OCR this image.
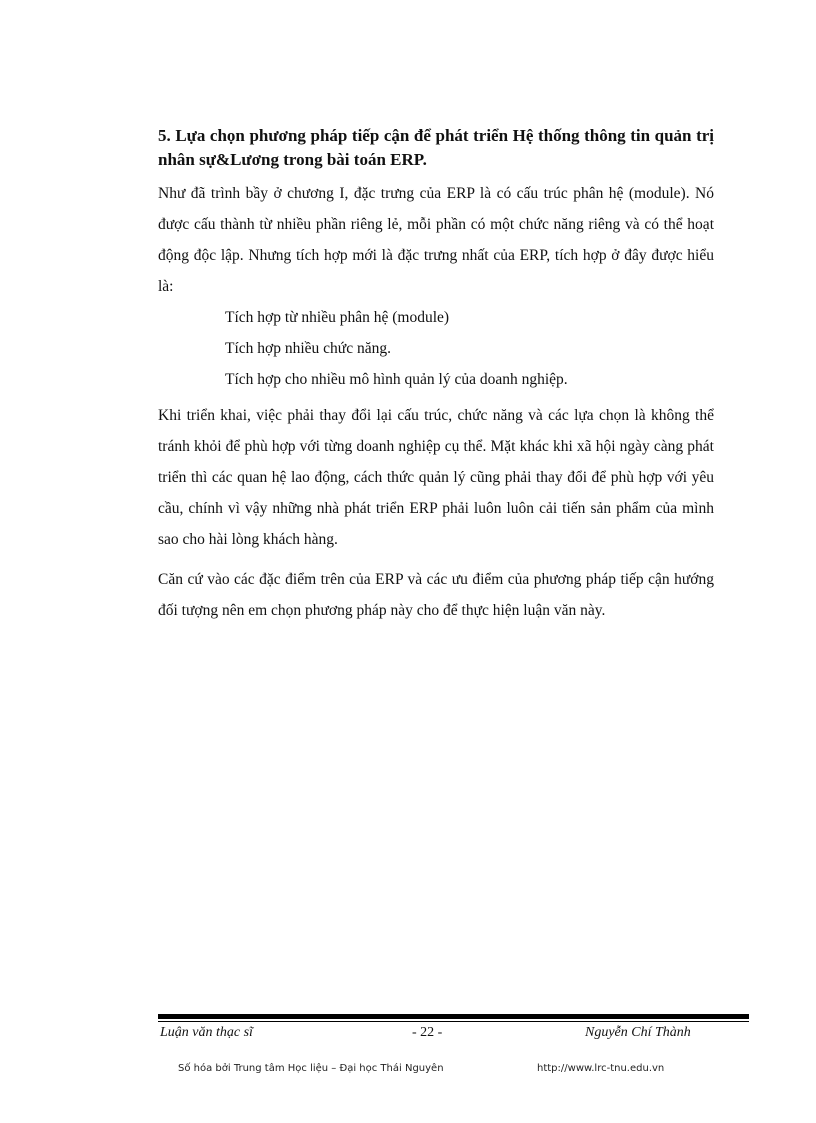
5. Lựa chọn phương pháp tiếp cận để phát triển Hệ thống thông tin quản trị nhân sự&Lương trong bài toán ERP.

Như đã trình bầy ở chương I, đặc trưng của ERP là có cấu trúc phân hệ (module). Nó được cấu thành từ nhiều phần riêng lẻ, mỗi phần có một chức năng riêng và có thể hoạt động độc lập. Nhưng tích hợp mới là đặc trưng nhất của ERP, tích hợp ở đây được hiểu là:

Tích hợp từ nhiều phân hệ (module)

Tích hợp nhiều chức năng.

Tích hợp cho nhiều mô hình quản lý của doanh nghiệp.

Khi triển khai, việc phải thay đổi lại cấu trúc, chức năng và các lựa chọn là không thể tránh khỏi để phù hợp với từng doanh nghiệp cụ thể. Mặt khác khi xã hội ngày càng phát triển thì các quan hệ lao động, cách thức quản lý cũng phải thay đổi để phù hợp với yêu cầu, chính vì vậy những nhà phát triển ERP phải luôn luôn cải tiến sản phẩm của mình sao cho hài lòng khách hàng.

Căn cứ vào các đặc điểm trên của ERP và các ưu điểm của phương pháp tiếp cận hướng đối tượng nên em chọn phương pháp này cho để thực hiện luận văn này.

Luận văn thạc sĩ	- 22 -	Nguyễn Chí Thành
Số hóa bởi Trung tâm Học liệu – Đại học Thái Nguyên	http://www.lrc-tnu.edu.vn
